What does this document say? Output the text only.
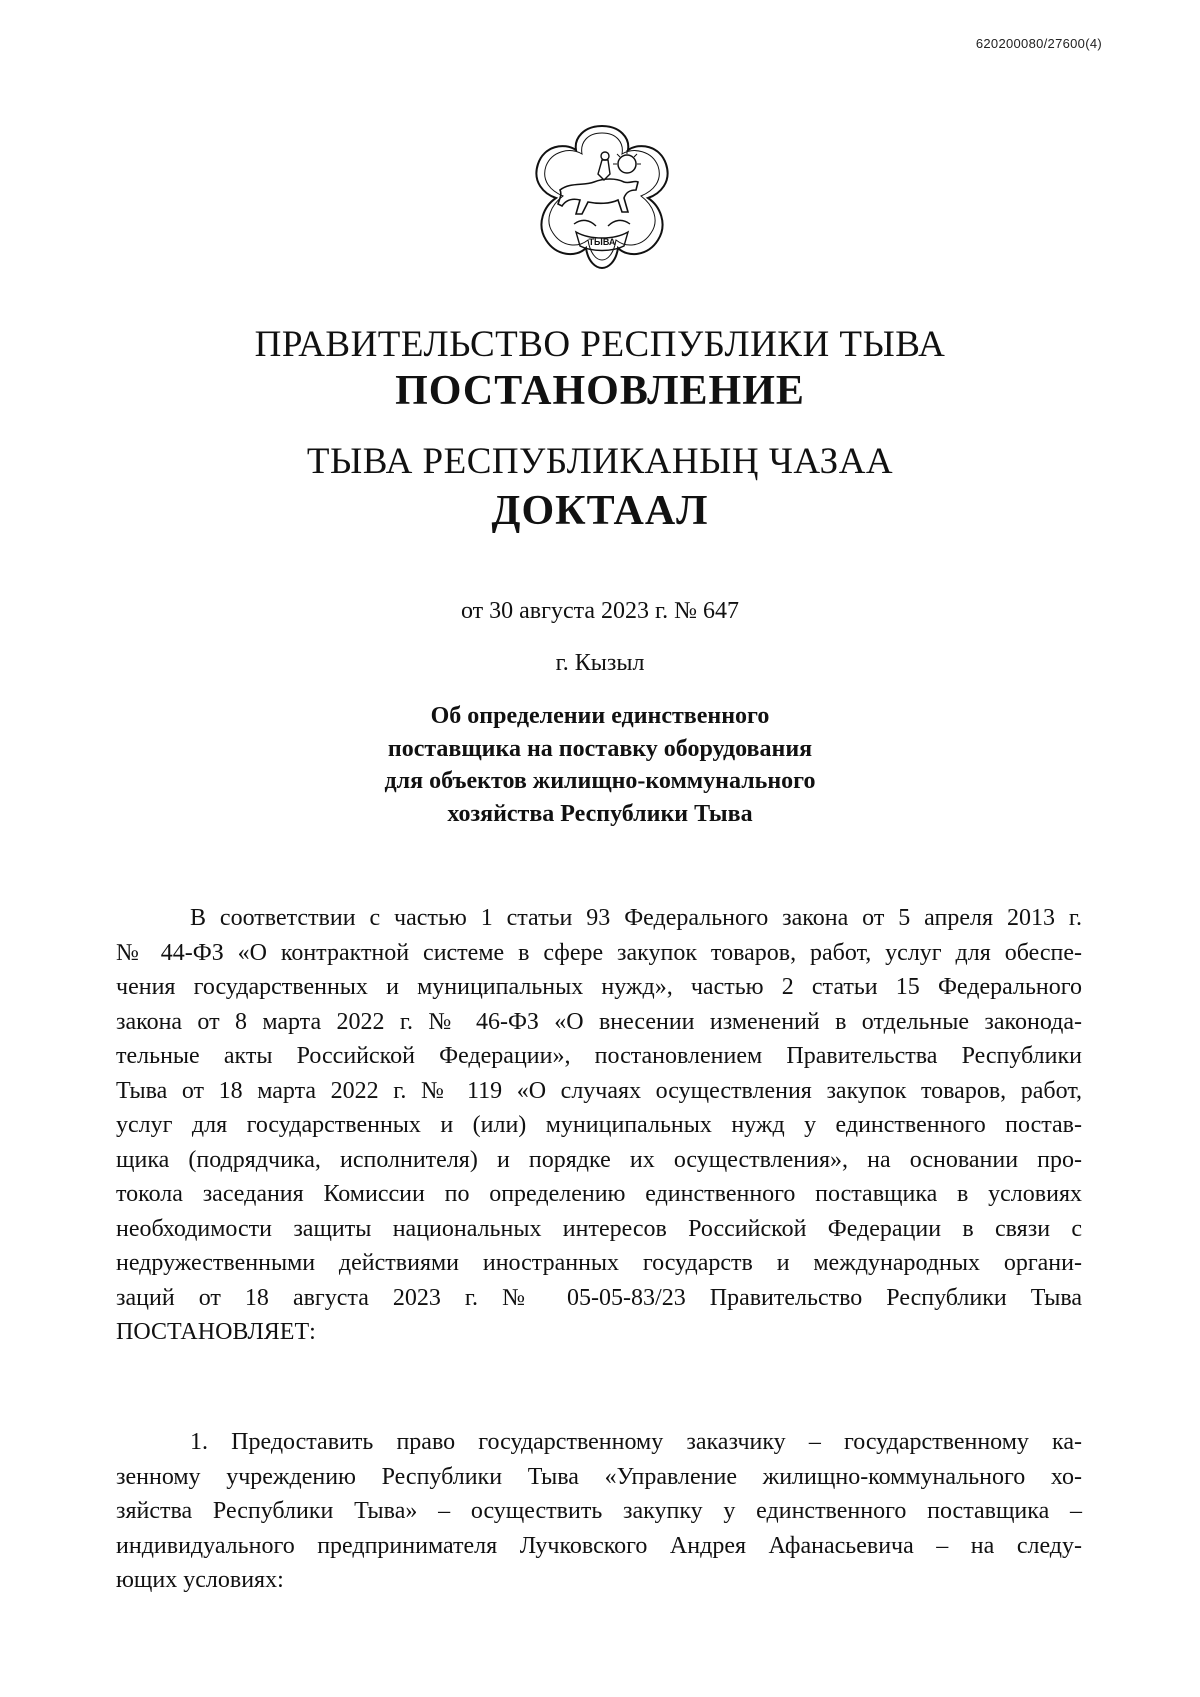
620200080/27600(4)
ТЫВА
ПРАВИТЕЛЬСТВО РЕСПУБЛИКИ ТЫВА
ПОСТАНОВЛЕНИЕ
ТЫВА РЕСПУБЛИКАНЫҢ ЧАЗАА
ДОКТААЛ
от 30 августа 2023 г. № 647
г. Кызыл
Об определении единственного
поставщика на поставку оборудования
для объектов жилищно-коммунального
хозяйства Республики Тыва
В соответствии с частью 1 статьи 93 Федерального закона от 5 апреля 2013 г.
№ 44-ФЗ «О контрактной системе в сфере закупок товаров, работ, услуг для обеспе-
чения государственных и муниципальных нужд», частью 2 статьи 15 Федерального
закона от 8 марта 2022 г. № 46-ФЗ «О внесении изменений в отдельные законода-
тельные акты Российской Федерации», постановлением Правительства Республики
Тыва от 18 марта 2022 г. № 119 «О случаях осуществления закупок товаров, работ,
услуг для государственных и (или) муниципальных нужд у единственного постав-
щика (подрядчика, исполнителя) и порядке их осуществления», на основании про-
токола заседания Комиссии по определению единственного поставщика в условиях
необходимости защиты национальных интересов Российской Федерации в связи с
недружественными действиями иностранных государств и международных органи-
заций от 18 августа 2023 г. № 05-05-83/23 Правительство Республики Тыва
ПОСТАНОВЛЯЕТ:
1. Предоставить право государственному заказчику – государственному ка-
зенному учреждению Республики Тыва «Управление жилищно-коммунального хо-
зяйства Республики Тыва» – осуществить закупку у единственного поставщика –
индивидуального предпринимателя Лучковского Андрея Афанасьевича – на следу-
ющих условиях:
